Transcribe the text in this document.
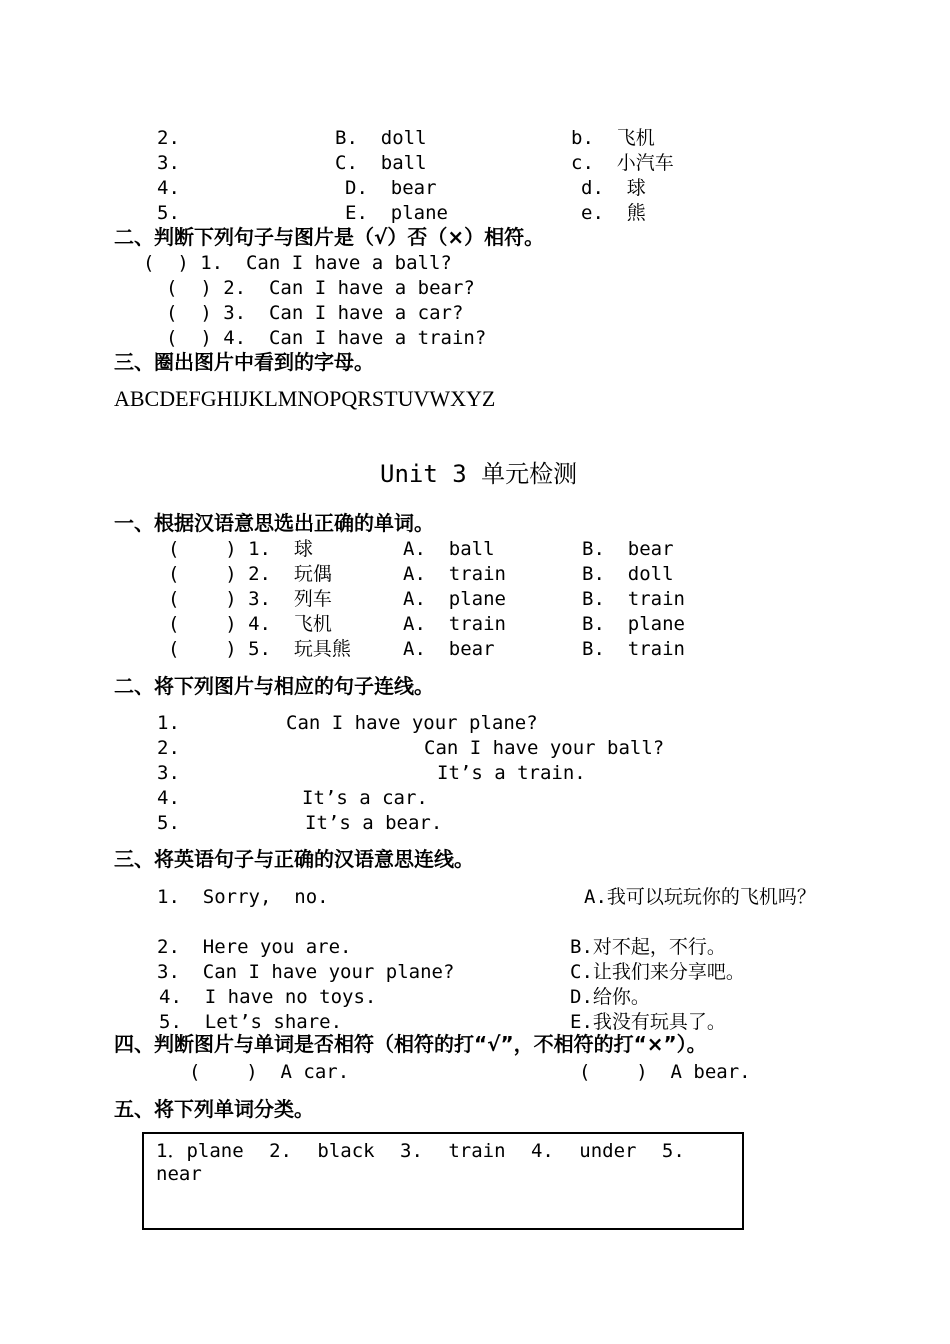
2.	B.  doll	b.  飞机
3.	C.  ball	c.  小汽车
4.	D.  bear	d.  球
5.	E.  plane	e.  熊
二、判断下列句子与图片是（√）否（×）相符。
(  ) 1.  Can I have a ball?
(  ) 2.  Can I have a bear?
(  ) 3.  Can I have a car?
(  ) 4.  Can I have a train?
三、圈出图片中看到的字母。
ABCDEFGHIJKLMNOPQRSTUVWXYZ
Unit 3 单元检测
一、根据汉语意思选出正确的单词。
(    ) 1.  球	A.  ball	B.  bear
(    ) 2.  玩偶	A.  train	B.  doll
(    ) 3.  列车	A.  plane	B.  train
(    ) 4.  飞机	A.  train	B.  plane
(    ) 5.  玩具熊	A.  bear	B.  train
二、将下列图片与相应的句子连线。
1.	Can I have your plane?
2.	Can I have your ball?
3.	It’s a train.
4.	It’s a car.
5.	It’s a bear.
三、将英语句子与正确的汉语意思连线。
1.  Sorry,  no.	A.我可以玩玩你的飞机吗？
2.  Here you are.	B.对不起，不行。
3.  Can I have your plane?	C.让我们来分享吧。
4.  I have no toys.	D.给你。
5.  Let’s share.	E.我没有玩具了。
四、判断图片与单词是否相符（相符的打“√”，不相符的打“×”）。
(    )  A car.	(    )  A bear.
五、将下列单词分类。
1．plane 2. black 3. train 4. under 5. near
